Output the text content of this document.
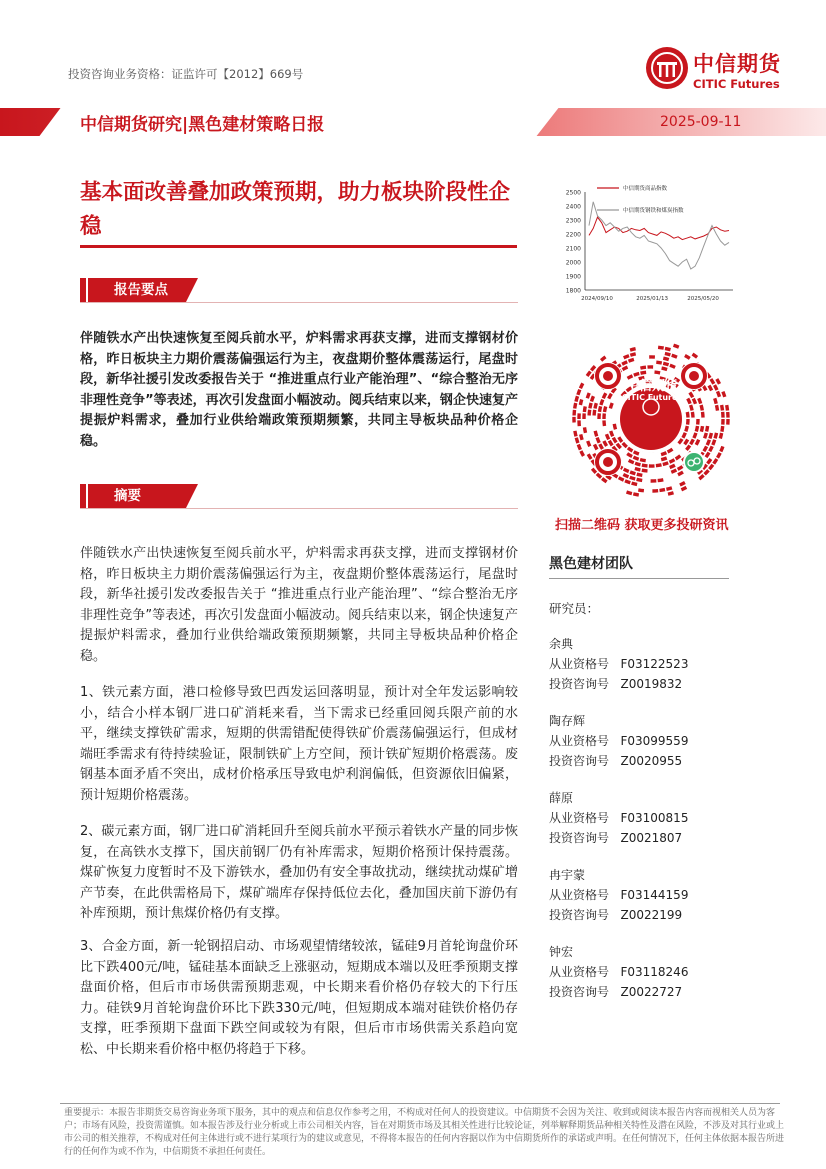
投资咨询业务资格：证监许可【2012】669号	中信期货
CITIC Futures
中信期货研究|黑色建材策略日报	2025-09-11
基本面改善叠加政策预期，助力板块阶段性企稳
报告要点
伴随铁水产出快速恢复至阅兵前水平，炉料需求再获支撑，进而支撑钢材价格，昨日板块主力期价震荡偏强运行为主，夜盘期价整体震荡运行，尾盘时段，新华社援引发改委报告关于 “推进重点行业产能治理”、“综合整治无序非理性竞争”等表述，再次引发盘面小幅波动。阅兵结束以来，钢企快速复产提振炉料需求，叠加行业供给端政策预期频繁，共同主导板块品种价格企稳。
摘要
伴随铁水产出快速恢复至阅兵前水平，炉料需求再获支撑，进而支撑钢材价格，昨日板块主力期价震荡偏强运行为主，夜盘期价整体震荡运行，尾盘时段，新华社援引发改委报告关于 “推进重点行业产能治理”、“综合整治无序非理性竞争”等表述，再次引发盘面小幅波动。阅兵结束以来，钢企快速复产提振炉料需求，叠加行业供给端政策预期频繁，共同主导板块品种价格企稳。
1、铁元素方面，港口检修导致巴西发运回落明显，预计对全年发运影响较小，结合小样本钢厂进口矿消耗来看，当下需求已经重回阅兵限产前的水平，继续支撑铁矿需求，短期的供需错配使得铁矿价震荡偏强运行，但成材端旺季需求有待持续验证，限制铁矿上方空间，预计铁矿短期价格震荡。废钢基本面矛盾不突出，成材价格承压导致电炉利润偏低，但资源依旧偏紧，预计短期价格震荡。
2、碳元素方面，钢厂进口矿消耗回升至阅兵前水平预示着铁水产量的同步恢复，在高铁水支撑下，国庆前钢厂仍有补库需求，短期价格预计保持震荡。煤矿恢复力度暂时不及下游铁水，叠加仍有安全事故扰动，继续扰动煤矿增产节奏，在此供需格局下，煤矿端库存保持低位去化，叠加国庆前下游仍有补库预期，预计焦煤价格仍有支撑。
3、合金方面，新一轮钢招启动、市场观望情绪较浓，锰硅9月首轮询盘价环比下跌400元/吨，锰硅基本面缺乏上涨驱动，短期成本端以及旺季预期支撑盘面价格，但后市市场供需预期悲观，中长期来看价格仍存较大的下行压力。硅铁9月首轮询盘价环比下跌330元/吨，但短期成本端对硅铁价格仍存支撑，旺季预期下盘面下跌空间或较为有限，但后市市场供需关系趋向宽松、中长期来看价格中枢仍将趋于下移。
2500
2400
2300
2200
2100
2000
1900
1800
2024/09/10	2025/01/13	2025/05/20
中信期货商品指数
中信期货钢铁和煤炭指数
中信期货
CITIC Futures
扫描二维码 获取更多投研资讯
黑色建材团队
研究员：
余典
从业资格号 F03122523
投资咨询号 Z0019832
陶存辉
从业资格号 F03099559
投资咨询号 Z0020955
薛原
从业资格号 F03100815
投资咨询号 Z0021807
冉宇蒙
从业资格号 F03144159
投资咨询号 Z0022199
钟宏
从业资格号 F03118246
投资咨询号 Z0022727
重要提示：本报告非期货交易咨询业务项下服务，其中的观点和信息仅作参考之用，不构成对任何人的投资建议。中信期货不会因为关注、收到或阅读本报告内容而视相关人员为客户；市场有风险，投资需谨慎。如本报告涉及行业分析或上市公司相关内容，旨在对期货市场及其相关性进行比较论证，列举解释期货品种相关特性及潜在风险，不涉及对其行业或上市公司的相关推荐，不构成对任何主体进行或不进行某项行为的建议或意见，不得将本报告的任何内容据以作为中信期货所作的承诺或声明。在任何情况下，任何主体依据本报告所进行的任何作为或不作为，中信期货不承担任何责任。
